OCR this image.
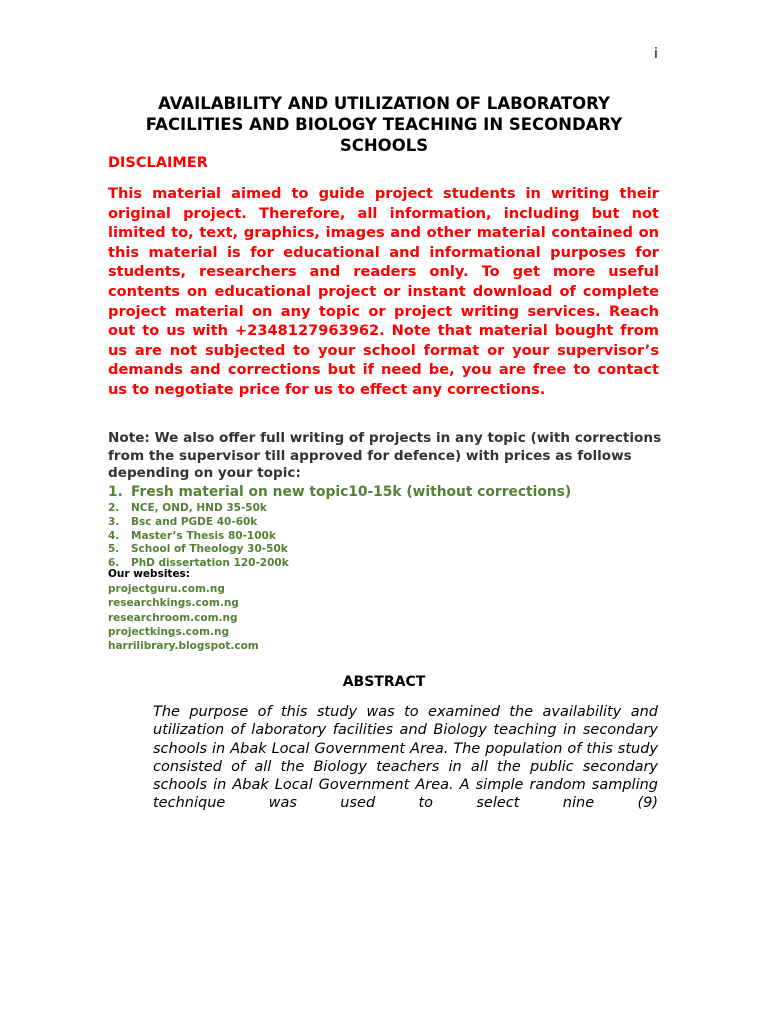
i
AVAILABILITY AND UTILIZATION OF LABORATORY FACILITIES AND BIOLOGY TEACHING IN SECONDARY SCHOOLS
DISCLAIMER
This material aimed to guide project students in writing their original project. Therefore, all information, including but not limited to, text, graphics, images and other material contained on this material is for educational and informational purposes for students, researchers and readers only. To get more useful contents on educational project or instant download of complete project material on any topic or project writing services. Reach out to us with +2348127963962. Note that material bought from us are not subjected to your school format or your supervisor’s demands and corrections but if need be, you are free to contact us to negotiate price for us to effect any corrections.
Note: We also offer full writing of projects in any topic (with corrections from the supervisor till approved for defence) with prices as follows depending on your topic:
1. Fresh material on new topic10-15k (without corrections)
2. NCE, OND, HND 35-50k
3. Bsc and PGDE 40-60k
4. Master’s Thesis 80-100k
5. School of Theology 30-50k
6. PhD dissertation 120-200k
Our websites:
projectguru.com.ng
researchkings.com.ng
researchroom.com.ng
projectkings.com.ng
harrilibrary.blogspot.com
ABSTRACT
The purpose of this study was to examined the availability and utilization of laboratory facilities and Biology teaching in secondary schools in Abak Local Government Area. The population of this study consisted of all the Biology teachers in all the public secondary schools in Abak Local Government Area. A simple random sampling technique was used to select nine (9)
